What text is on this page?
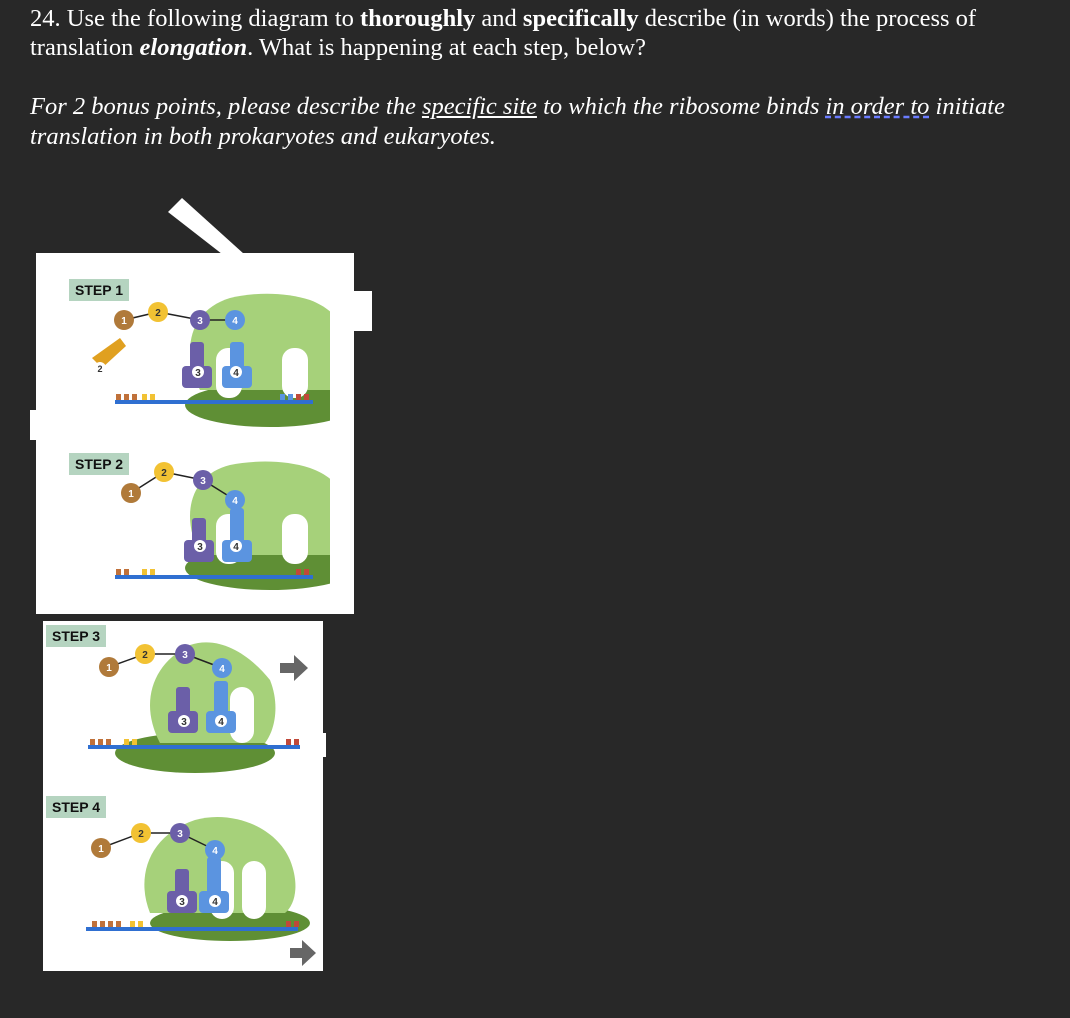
24. Use the following diagram to thoroughly and specifically describe (in words) the process of translation elongation. What is happening at each step, below?
For 2 bonus points, please describe the specific site to which the ribosome binds in order to initiate translation in both prokaryotes and eukaryotes.
STEP 1
STEP 2
STEP 3
STEP 4
3	4
2
1
2
3	4
3	4
1
2
3
4
3	4
1
2	3
4
3	4
1
2	3
4
